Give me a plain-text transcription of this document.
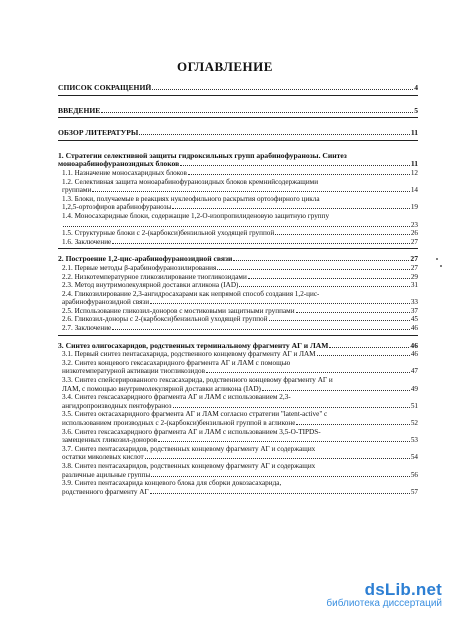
ОГЛАВЛЕНИЕ
СПИСОК СОКРАЩЕНИЙ	4
ВВЕДЕНИЕ	5
ОБЗОР ЛИТЕРАТУРЫ	11
1. Стратегии селективной защиты гидроксильных групп арабинофуранозы. Синтез
моноарабинофуранозидных блоков	11
1.1. Назначение моносахаридных блоков	12
1.2. Селективная защита моноарабинофуранозидных блоков кремнийсодержащими
группами	14
1.3. Блоки, получаемые в реакциях нуклеофильного раскрытия ортоэфирного цикла
1,2,5-ортоэфиров арабинофуранозы	19
1.4. Моносахаридные блоки, содержащие 1,2-О-изопропилиденовую защитную группу
23
1.5. Структурные блоки с 2-(карбокси)бензильной уходящей группой	26
1.6. Заключение	27
2. Построение 1,2-цис-арабинофуранозидной связи	27
2.1. Первые методы β-арабинофуранозилирования	27
2.2. Низкотемпературное гликозилирование тиогликозидами	29
2.3. Метод внутримолекулярной доставки агликона (IAD)	31
2.4. Гликозилирование 2,3-ангидросахарами как непрямой способ создания 1,2-цис-
арабинофуранозидной связи	33
2.5. Использование гликозил-доноров с мостиковыми защитными группами	37
2.6. Гликозил-доноры с 2-(карбокси)бензильной уходящей группой	45
2.7. Заключение	46
3. Синтез олигосахаридов, родственных терминальному фрагменту АГ и ЛАМ	46
3.1. Первый синтез пентасахарида, родственного концевому фрагменту АГ и ЛАМ	46
3.2. Синтез концевого гексасахаридного фрагмента АГ и ЛАМ с помощью
низкотемпературной активации тиогликозидов	47
3.3. Синтез спейсерированного гексасахарида, родственного концевому фрагменту АГ и
ЛАМ, с помощью внутримолекулярной доставки агликона (IAD)	49
3.4. Синтез гексасахаридного фрагмента АГ и ЛАМ с использованием 2,3-
ангидропроизводных пентофураноз	51
3.5. Синтез октасахаридного фрагмента АГ и ЛАМ согласно стратегии "latent-active" с
использованием производных с 2-(карбокси)бензильной группой в агликоне	52
3.6. Синтез гексасахаридного фрагмента АГ и ЛАМ с использованием 3,5-О-TIPDS-
замещенных гликозил-доноров	53
3.7. Синтез пентасахаридов, родственных концевому фрагменту АГ и содержащих
остатки миколевых кислот	54
3.8. Синтез пентасахаридов, родственных концевому фрагменту АГ и содержащих
различные ацильные группы	56
3.9. Синтез пентасахарида концевого блока для сборки докозасахарида,
родственного фрагменту АГ	57
dsLib.net
библиотека диссертаций
